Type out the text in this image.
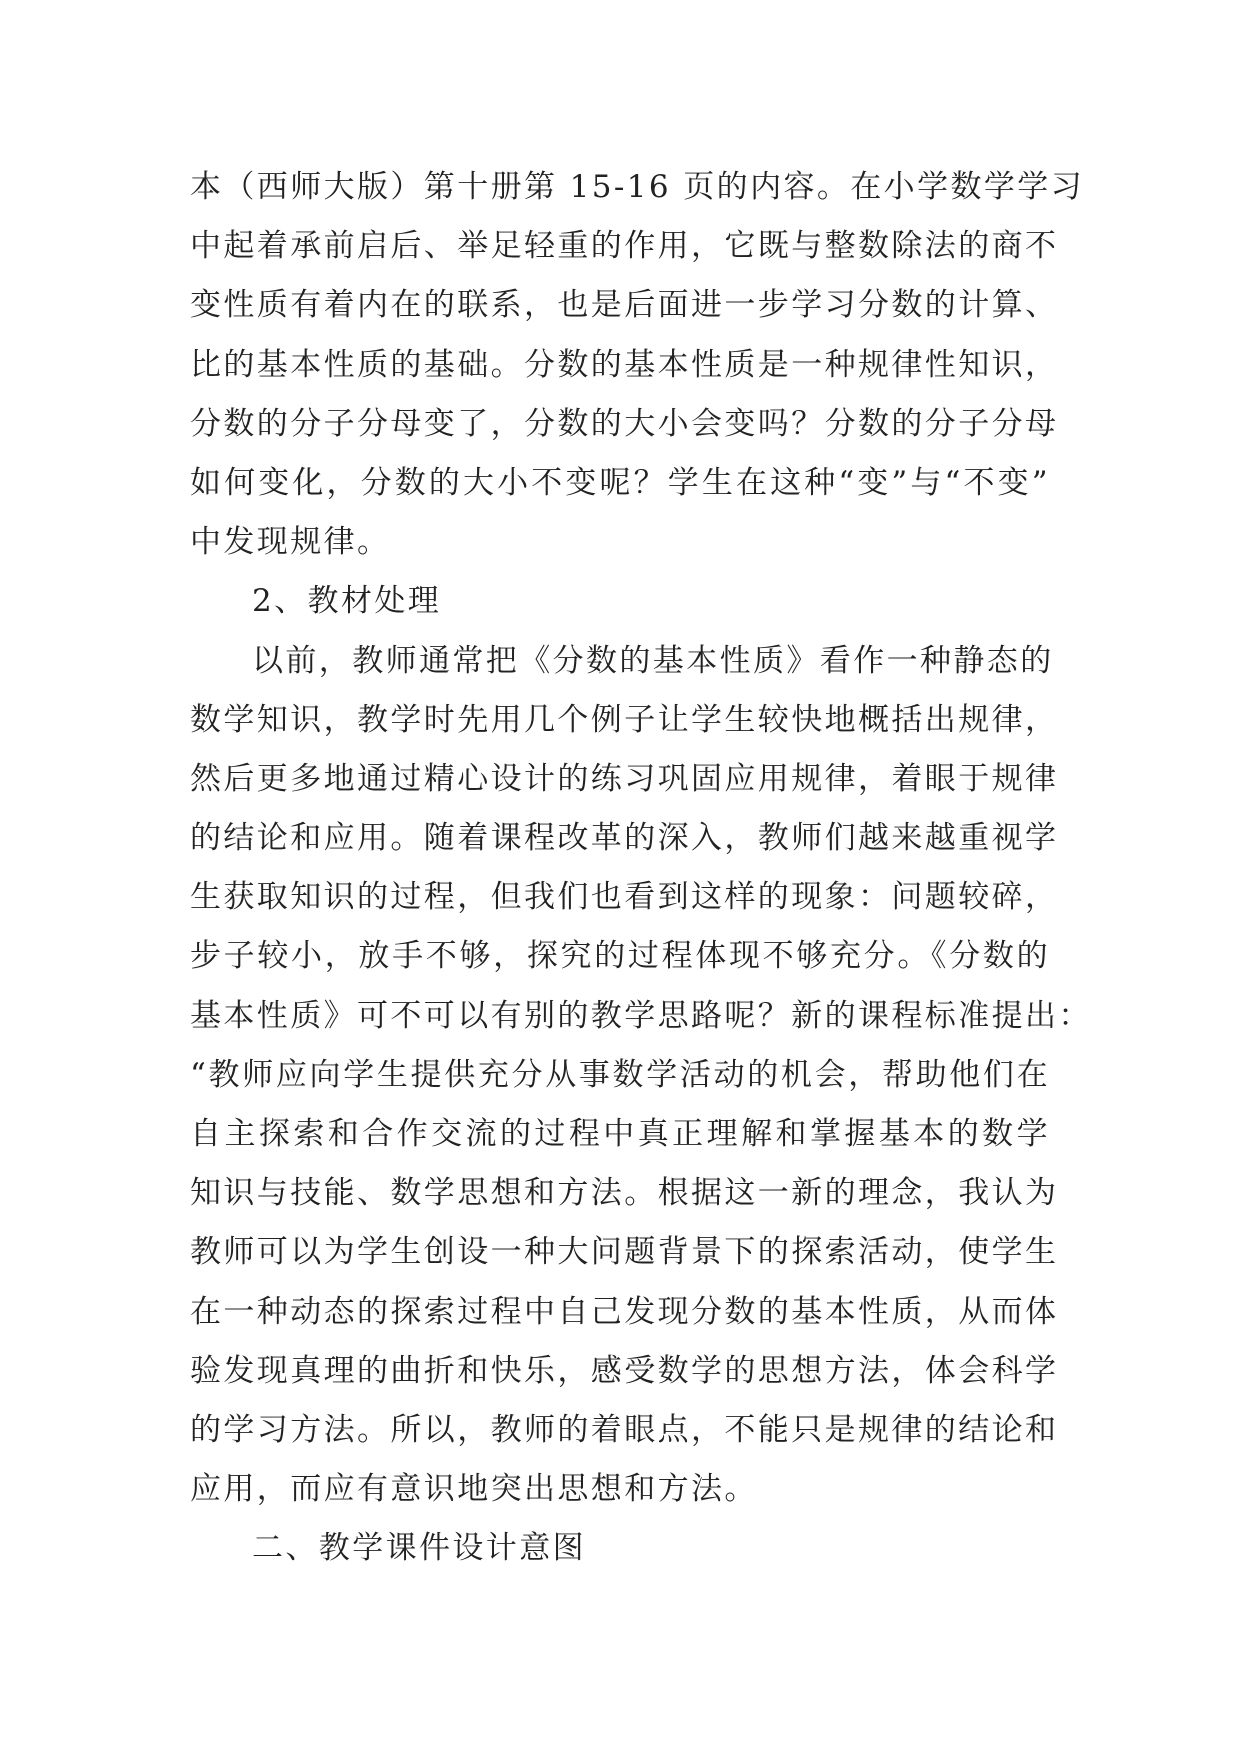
本（西师大版）第十册第 15-16 页的内容。在小学数学学习
中起着承前启后、举足轻重的作用，它既与整数除法的商不
变性质有着内在的联系，也是后面进一步学习分数的计算、
比的基本性质的基础。分数的基本性质是一种规律性知识，
分数的分子分母变了，分数的大小会变吗？分数的分子分母
如何变化，分数的大小不变呢？学生在这种“变”与“不变”
中发现规律。
2、教材处理
以前，教师通常把《分数的基本性质》看作一种静态的
数学知识，教学时先用几个例子让学生较快地概括出规律，
然后更多地通过精心设计的练习巩固应用规律，着眼于规律
的结论和应用。随着课程改革的深入，教师们越来越重视学
生获取知识的过程，但我们也看到这样的现象：问题较碎，
步子较小，放手不够，探究的过程体现不够充分。《分数的
基本性质》可不可以有别的教学思路呢？新的课程标准提出：
“教师应向学生提供充分从事数学活动的机会，帮助他们在
自主探索和合作交流的过程中真正理解和掌握基本的数学
知识与技能、数学思想和方法。根据这一新的理念，我认为
教师可以为学生创设一种大问题背景下的探索活动，使学生
在一种动态的探索过程中自己发现分数的基本性质，从而体
验发现真理的曲折和快乐，感受数学的思想方法，体会科学
的学习方法。所以，教师的着眼点，不能只是规律的结论和
应用，而应有意识地突出思想和方法。
二、教学课件设计意图
